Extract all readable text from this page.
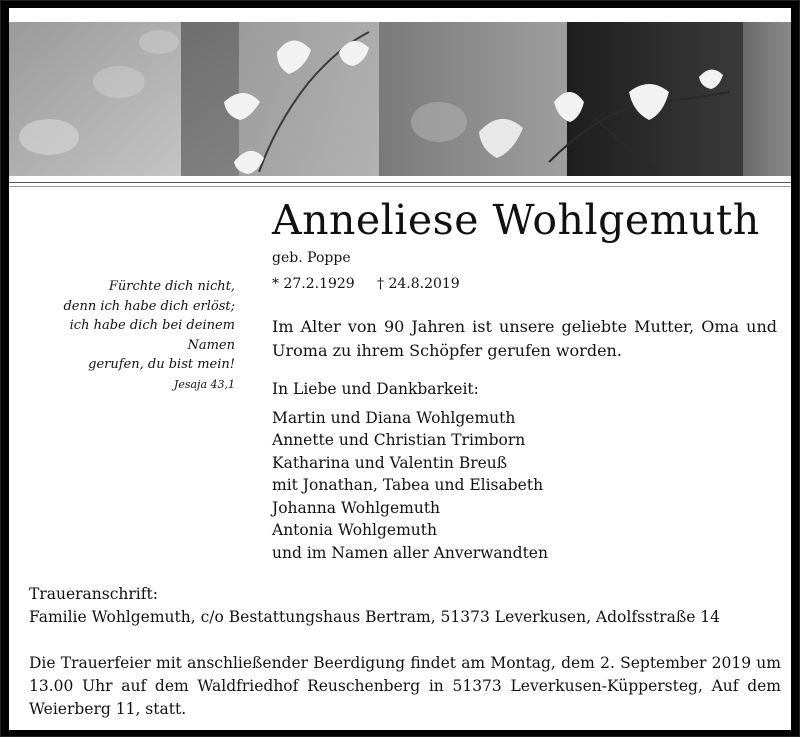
Anneliese Wohlgemuth
geb. Poppe
* 27.2.1929 † 24.8.2019
Fürchte dich nicht,
denn ich habe dich erlöst;
ich habe dich bei deinem Namen
gerufen, du bist mein!
Jesaja 43,1
Im Alter von 90 Jahren ist unsere geliebte Mutter, Oma und Uroma zu ihrem Schöpfer gerufen worden.
In Liebe und Dankbarkeit:
Martin und Diana Wohlgemuth
Annette und Christian Trimborn
Katharina und Valentin Breuß
mit Jonathan, Tabea und Elisabeth
Johanna Wohlgemuth
Antonia Wohlgemuth
und im Namen aller Anverwandten
Traueranschrift:
Familie Wohlgemuth, c/o Bestattungshaus Bertram, 51373 Leverkusen, Adolfsstraße 14
Die Trauerfeier mit anschließender Beerdigung findet am Montag, dem 2. September 2019 um 13.00 Uhr auf dem Waldfriedhof Reuschenberg in 51373 Leverkusen-Küppersteg, Auf dem Weierberg 11, statt.
